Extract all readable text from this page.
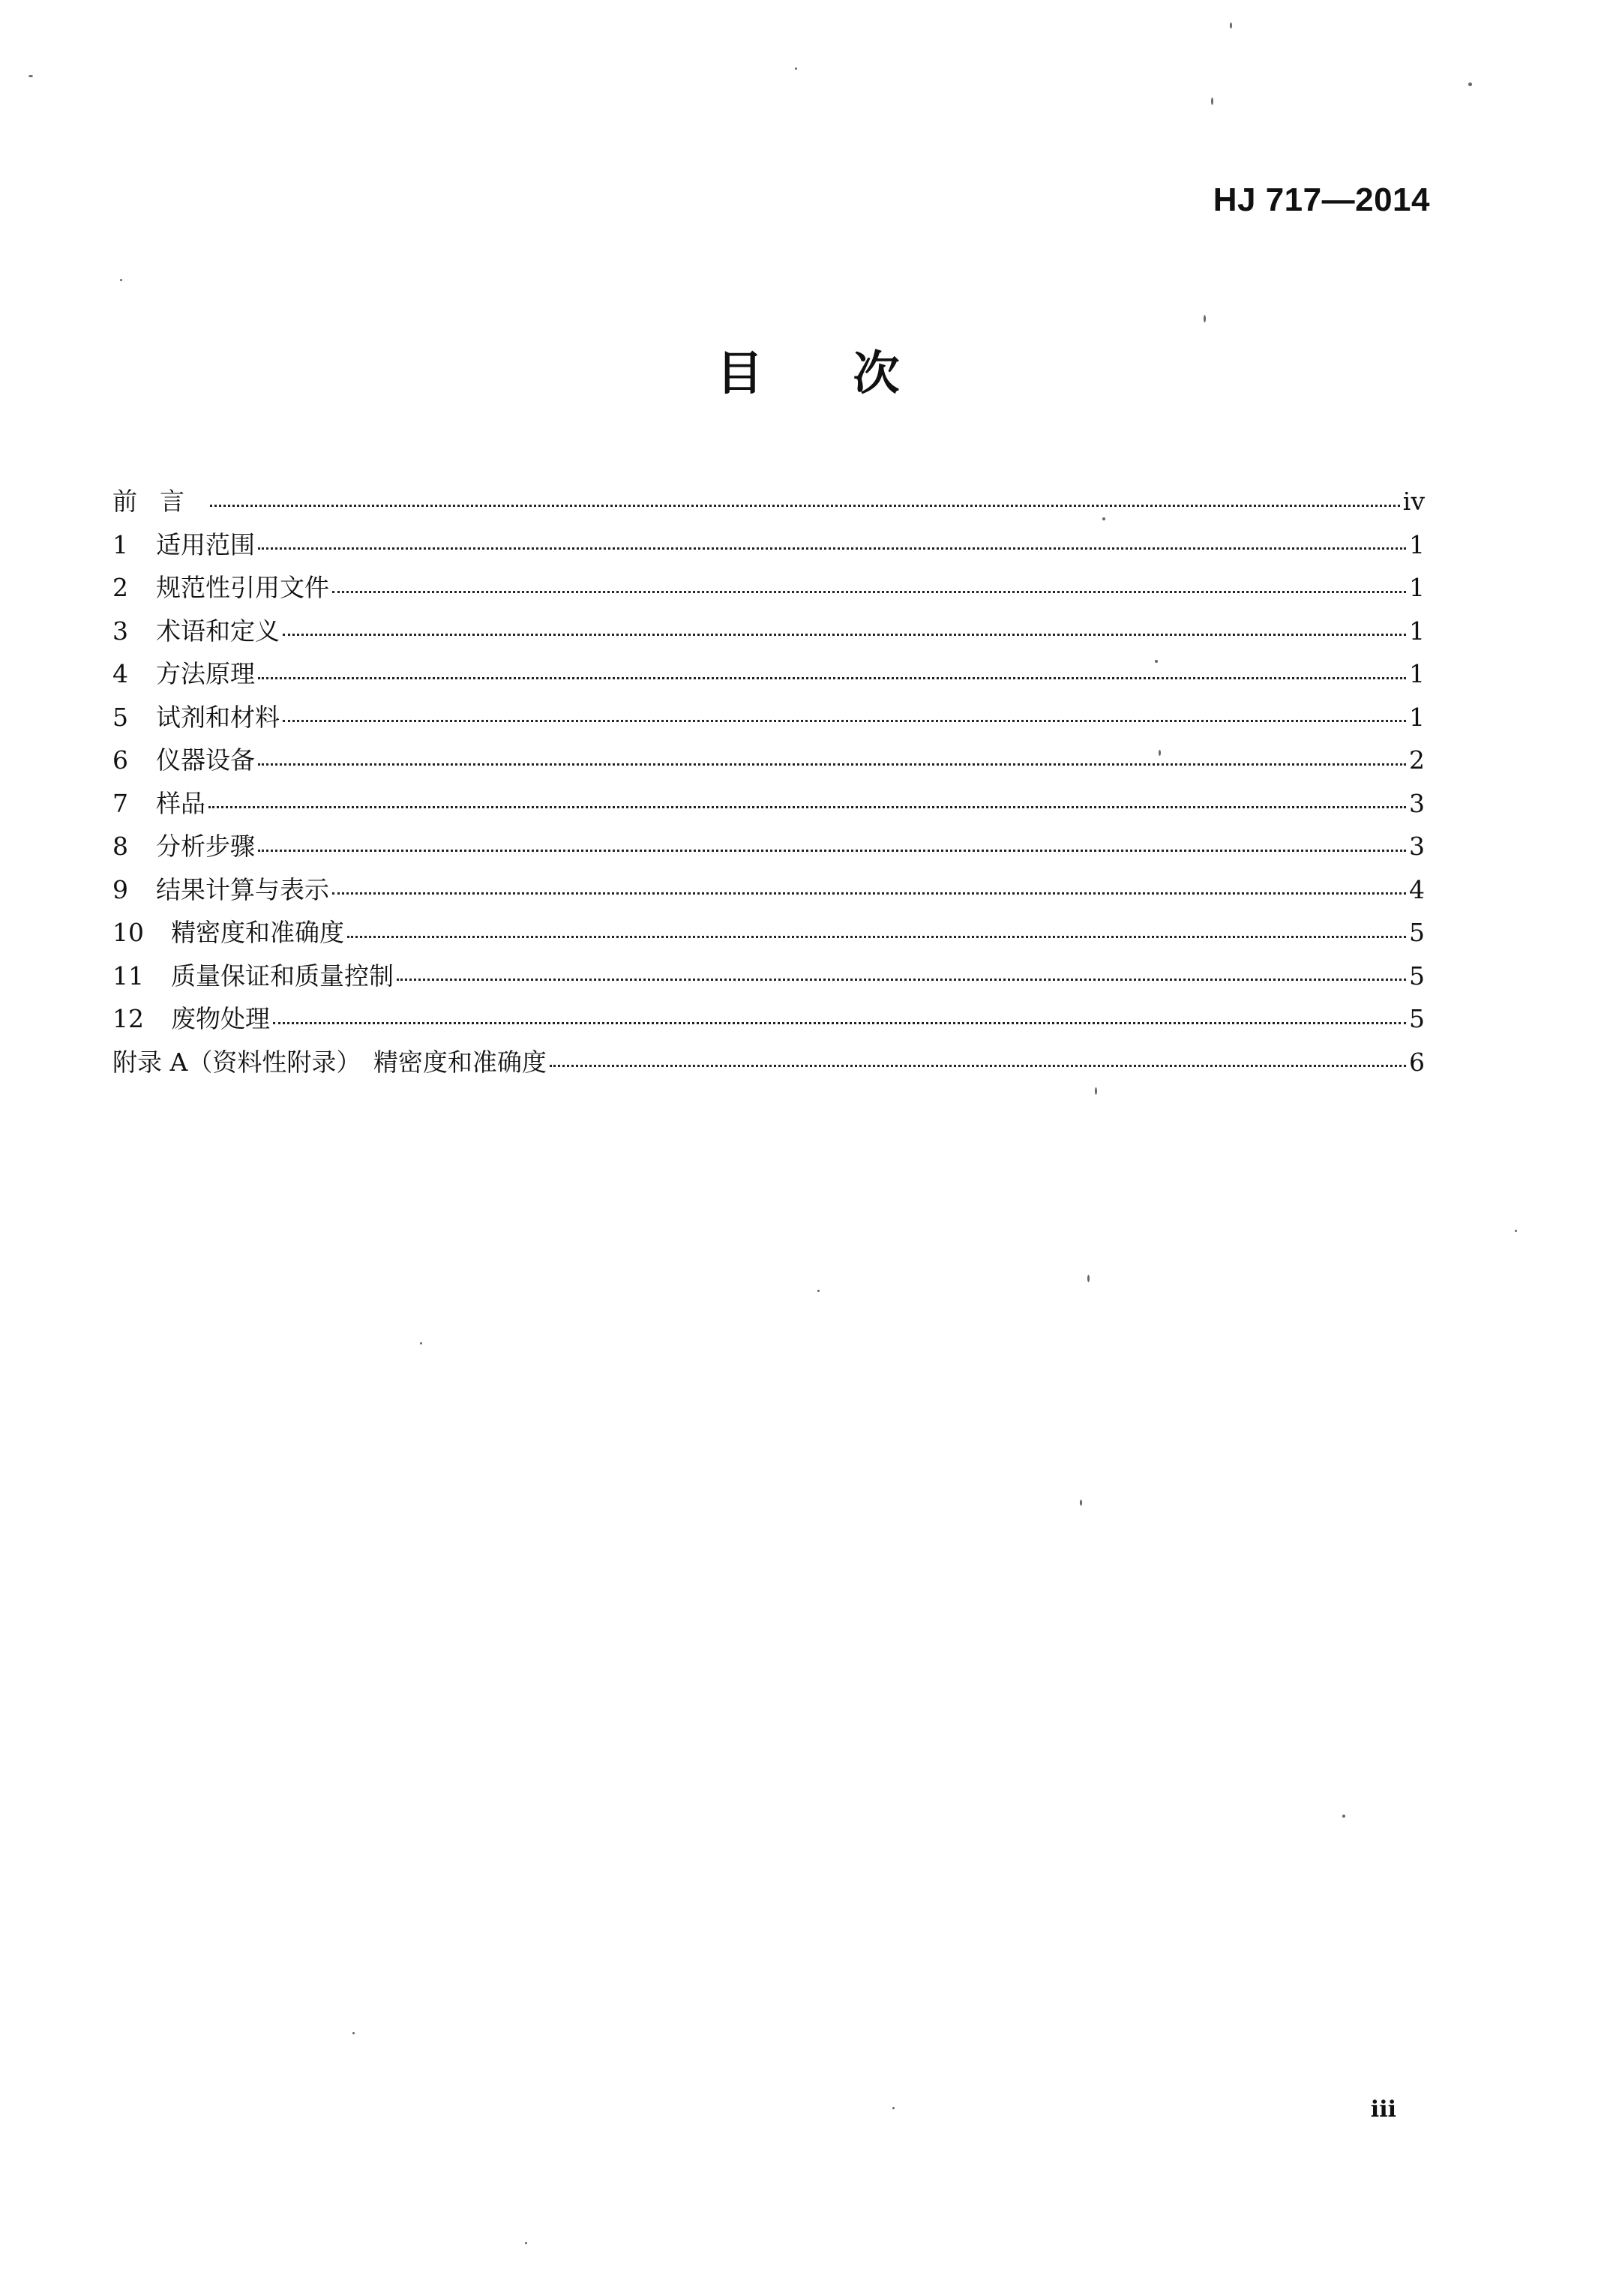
HJ 717—2014
目次
前言	iv
1	适用范围	1
2	规范性引用文件	1
3	术语和定义	1
4	方法原理	1
5	试剂和材料	1
6	仪器设备	2
7	样品	3
8	分析步骤	3
9	结果计算与表示	4
10	精密度和准确度	5
11	质量保证和质量控制	5
12	废物处理	5
附录 A（资料性附录）　精密度和准确度	6
iii
